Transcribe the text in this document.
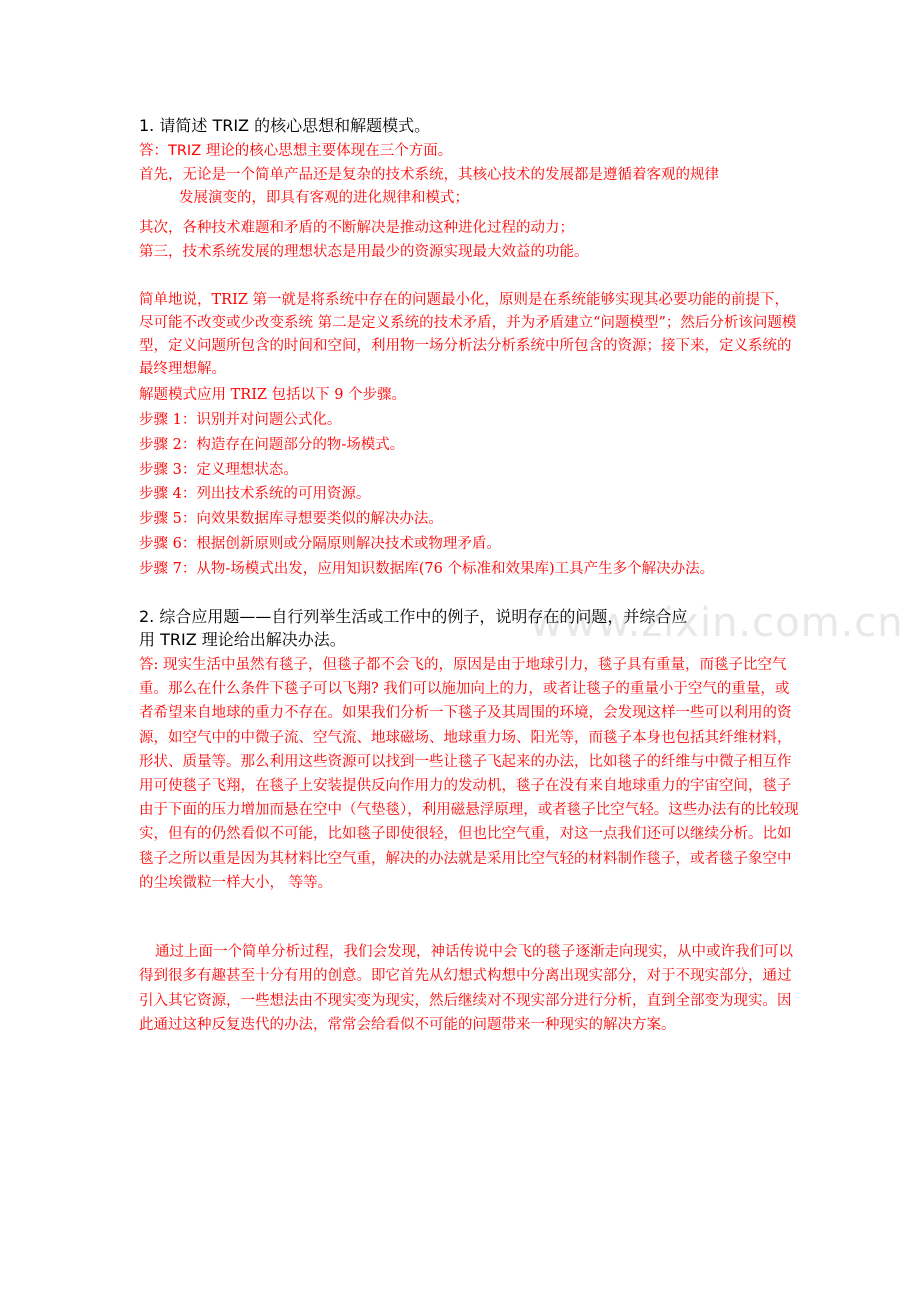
www.zixin.com.cn
1. 请简述 TRIZ 的核心思想和解题模式。

答：TRIZ 理论的核心思想主要体现在三个方面。

首先，无论是一个简单产品还是复杂的技术系统，其核心技术的发展都是遵循着客观的规律
发展演变的，即具有客观的进化规律和模式；

其次，各种技术难题和矛盾的不断解决是推动这种进化过程的动力；

第三，技术系统发展的理想状态是用最少的资源实现最大效益的功能。

简单地说，TRIZ 第一就是将系统中存在的问题最小化，原则是在系统能够实现其必要功能的前提下，尽可能不改变或少改变系统 第二是定义系统的技术矛盾，并为矛盾建立“问题模型”；然后分析该问题模型，定义问题所包含的时间和空间，利用物一场分析法分析系统中所包含的资源；接下来，定义系统的最终理想解。

解题模式应用 TRIZ 包括以下 9 个步骤。

步骤 1：识别并对问题公式化。

步骤 2：构造存在问题部分的物-场模式。

步骤 3：定义理想状态。

步骤 4：列出技术系统的可用资源。

步骤 5：向效果数据库寻想要类似的解决办法。

步骤 6：根据创新原则或分隔原则解决技术或物理矛盾。

步骤 7：从物-场模式出发，应用知识数据库(76 个标准和效果库)工具产生多个解决办法。

2. 综合应用题——自行列举生活或工作中的例子，说明存在的问题，并综合应
用 TRIZ 理论给出解决办法。

答: 现实生活中虽然有毯子，但毯子都不会飞的，原因是由于地球引力，毯子具有重量，而毯子比空气重。那么在什么条件下毯子可以飞翔? 我们可以施加向上的力，或者让毯子的重量小于空气的重量，或者希望来自地球的重力不存在。如果我们分析一下毯子及其周围的环境，会发现这样一些可以利用的资源，如空气中的中微子流、空气流、地球磁场、地球重力场、阳光等，而毯子本身也包括其纤维材料，形状、质量等。那么利用这些资源可以找到一些让毯子飞起来的办法，比如毯子的纤维与中微子相互作用可使毯子飞翔，在毯子上安装提供反向作用力的发动机，毯子在没有来自地球重力的宇宙空间，毯子由于下面的压力增加而悬在空中（气垫毯），利用磁悬浮原理，或者毯子比空气轻。这些办法有的比较现实，但有的仍然看似不可能，比如毯子即使很轻，但也比空气重，对这一点我们还可以继续分析。比如毯子之所以重是因为其材料比空气重，解决的办法就是采用比空气轻的材料制作毯子，或者毯子象空中的尘埃微粒一样大小， 等等。

通过上面一个简单分析过程，我们会发现，神话传说中会飞的毯子逐渐走向现实，从中或许我们可以得到很多有趣甚至十分有用的创意。即它首先从幻想式构想中分离出现实部分，对于不现实部分，通过引入其它资源，一些想法由不现实变为现实，然后继续对不现实部分进行分析，直到全部变为现实。因此通过这种反复迭代的办法，常常会给看似不可能的问题带来一种现实的解决方案。
